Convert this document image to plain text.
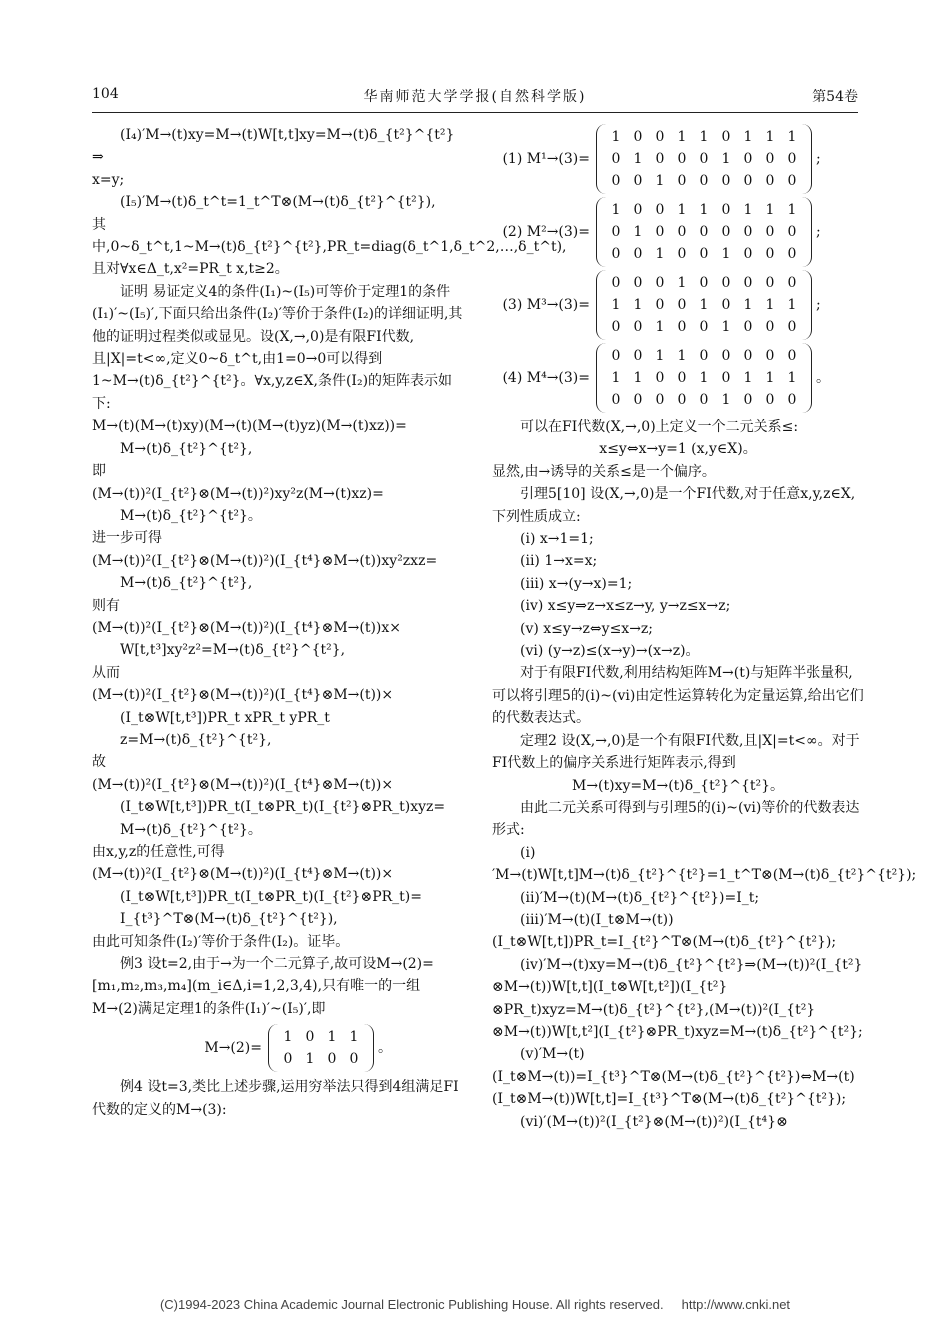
104	华南师范大学学报(自然科学版)	第54卷

(I₄)′M→(t)xy=M→(t)W[t,t]xy=M→(t)δ_{t²}^{t²}⇒

x=y;

(I₅)′M→(t)δ_t^t=1_t^T⊗(M→(t)δ_{t²}^{t²}),

其中,0~δ_t^t,1~M→(t)δ_{t²}^{t²},PR_t=diag(δ_t^1,δ_t^2,…,δ_t^t),

且对∀x∈Δ_t,x²=PR_t x,t≥2。

证明 易证定义4的条件(I₁)~(I₅)可等价于定理1的条件(I₁)′~(I₅)′,下面只给出条件(I₂)′等价于条件(I₂)的详细证明,其他的证明过程类似或显见。设(X,→,0)是有限FI代数,且|X|=t<∞,定义0~δ_t^t,由1=0→0可以得到1~M→(t)δ_{t²}^{t²}。∀x,y,z∈X,条件(I₂)的矩阵表示如下:

M→(t)(M→(t)xy)(M→(t)(M→(t)yz)(M→(t)xz))=

M→(t)δ_{t²}^{t²},

即

(M→(t))²(I_{t²}⊗(M→(t))²)xy²z(M→(t)xz)=

M→(t)δ_{t²}^{t²}。

进一步可得

(M→(t))²(I_{t²}⊗(M→(t))²)(I_{t⁴}⊗M→(t))xy²zxz=

M→(t)δ_{t²}^{t²},

则有

(M→(t))²(I_{t²}⊗(M→(t))²)(I_{t⁴}⊗M→(t))x×

W[t,t³]xy²z²=M→(t)δ_{t²}^{t²},

从而

(M→(t))²(I_{t²}⊗(M→(t))²)(I_{t⁴}⊗M→(t))×

(I_t⊗W[t,t³])PR_t xPR_t yPR_t z=M→(t)δ_{t²}^{t²},

故

(M→(t))²(I_{t²}⊗(M→(t))²)(I_{t⁴}⊗M→(t))×

(I_t⊗W[t,t³])PR_t(I_t⊗PR_t)(I_{t²}⊗PR_t)xyz=

M→(t)δ_{t²}^{t²}。

由x,y,z的任意性,可得

(M→(t))²(I_{t²}⊗(M→(t))²)(I_{t⁴}⊗M→(t))×

(I_t⊗W[t,t³])PR_t(I_t⊗PR_t)(I_{t²}⊗PR_t)=

I_{t³}^T⊗(M→(t)δ_{t²}^{t²}),

由此可知条件(I₂)′等价于条件(I₂)。证毕。

例3 设t=2,由于→为一个二元算子,故可设M→(2)=[m₁,m₂,m₃,m₄](m_i∈Δ,i=1,2,3,4),只有唯一的一组M→(2)满足定理1的条件(I₁)′~(I₅)′,即

M→(2)=
1 0 1 1
0 1 0 0
。

例4 设t=3,类比上述步骤,运用穷举法只得到4组满足FI代数的定义的M→(3):

(1) M¹→(3)=
1 0 0 1 1 0 1 1 1
0 1 0 0 0 1 0 0 0
0 0 1 0 0 0 0 0 0
;
(2) M²→(3)=
1 0 0 1 1 0 1 1 1
0 1 0 0 0 0 0 0 0
0 0 1 0 0 1 0 0 0
;
(3) M³→(3)=
0 0 0 1 0 0 0 0 0
1 1 0 0 1 0 1 1 1
0 0 1 0 0 1 0 0 0
;
(4) M⁴→(3)=
0 0 1 1 0 0 0 0 0
1 1 0 0 1 0 1 1 1
0 0 0 0 0 1 0 0 0
。

可以在FI代数(X,→,0)上定义一个二元关系≤:

x≤y⇔x→y=1 (x,y∈X)。

显然,由→诱导的关系≤是一个偏序。

引理5[10] 设(X,→,0)是一个FI代数,对于任意x,y,z∈X,下列性质成立:

(i) x→1=1;

(ii) 1→x=x;

(iii) x→(y→x)=1;

(iv) x≤y⇒z→x≤z→y, y→z≤x→z;

(v) x≤y→z⇔y≤x→z;

(vi) (y→z)≤(x→y)→(x→z)。

对于有限FI代数,利用结构矩阵M→(t)与矩阵半张量积,可以将引理5的(i)~(vi)由定性运算转化为定量运算,给出它们的代数表达式。

定理2 设(X,→,0)是一个有限FI代数,且|X|=t<∞。对于FI代数上的偏序关系进行矩阵表示,得到

M→(t)xy=M→(t)δ_{t²}^{t²}。

由此二元关系可得到与引理5的(i)~(vi)等价的代数表达形式:

(i)′M→(t)W[t,t]M→(t)δ_{t²}^{t²}=1_t^T⊗(M→(t)δ_{t²}^{t²});

(ii)′M→(t)(M→(t)δ_{t²}^{t²})=I_t;

(iii)′M→(t)(I_t⊗M→(t))(I_t⊗W[t,t])PR_t=I_{t²}^T⊗(M→(t)δ_{t²}^{t²});

(iv)′M→(t)xy=M→(t)δ_{t²}^{t²}⇒(M→(t))²(I_{t²}⊗M→(t))W[t,t](I_t⊗W[t,t²])(I_{t²}⊗PR_t)xyz=M→(t)δ_{t²}^{t²},(M→(t))²(I_{t²}⊗M→(t))W[t,t²](I_{t²}⊗PR_t)xyz=M→(t)δ_{t²}^{t²};

(v)′M→(t)(I_t⊗M→(t))=I_{t³}^T⊗(M→(t)δ_{t²}^{t²})⇔M→(t)(I_t⊗M→(t))W[t,t]=I_{t³}^T⊗(M→(t)δ_{t²}^{t²});

(vi)′(M→(t))²(I_{t²}⊗(M→(t))²)(I_{t⁴}⊗

(C)1994-2023 China Academic Journal Electronic Publishing House. All rights reserved. http://www.cnki.net
